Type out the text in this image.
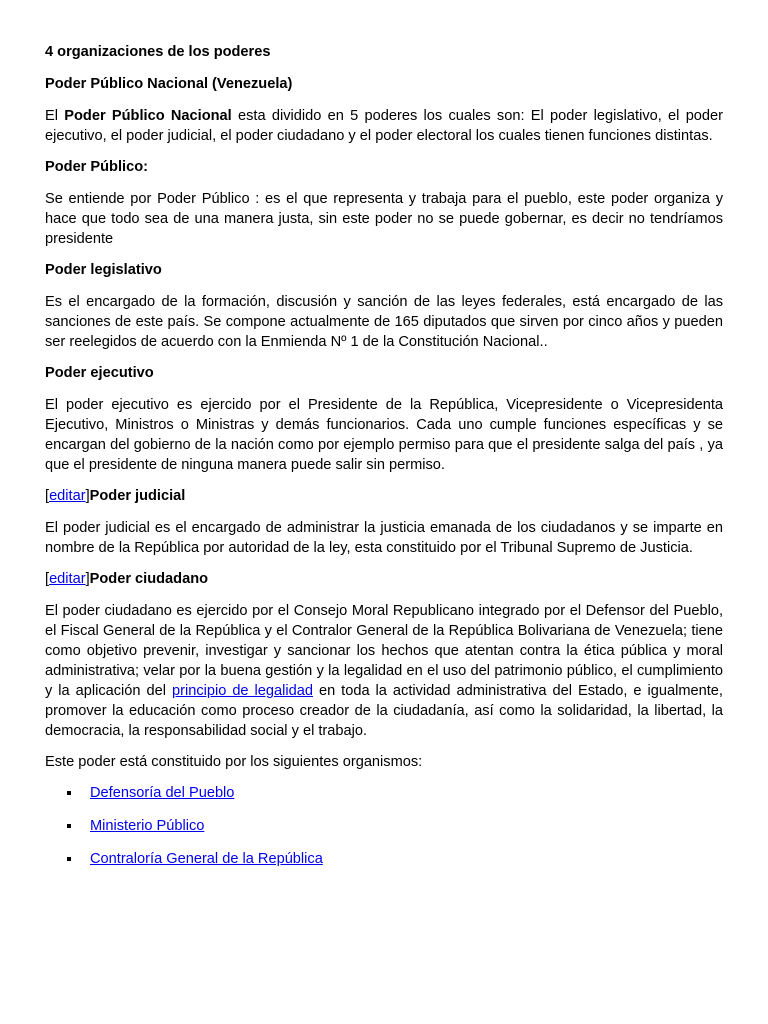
4 organizaciones de los poderes

Poder Público Nacional (Venezuela)

El Poder Público Nacional esta dividido en 5 poderes los cuales son: El poder legislativo, el poder ejecutivo, el poder judicial, el poder ciudadano y el poder electoral los cuales tienen funciones distintas.

Poder Público:

Se entiende por Poder Público : es el que representa y trabaja para el pueblo, este poder organiza y hace que todo sea de una manera justa, sin este poder no se puede gobernar, es decir no tendríamos presidente

Poder legislativo

Es el encargado de la formación, discusión y sanción de las leyes federales, está encargado de las sanciones de este país. Se compone actualmente de 165 diputados que sirven por cinco años y pueden ser reelegidos de acuerdo con la Enmienda Nº 1 de la Constitución Nacional..

Poder ejecutivo

El poder ejecutivo es ejercido por el Presidente de la República, Vicepresidente o Vicepresidenta Ejecutivo, Ministros o Ministras y demás funcionarios. Cada uno cumple funciones específicas y se encargan del gobierno de la nación como por ejemplo permiso para que el presidente salga del país , ya que el presidente de ninguna manera puede salir sin permiso.

[editar]Poder judicial

El poder judicial es el encargado de administrar la justicia emanada de los ciudadanos y se imparte en nombre de la República por autoridad de la ley, esta constituido por el Tribunal Supremo de Justicia.

[editar]Poder ciudadano

El poder ciudadano es ejercido por el Consejo Moral Republicano integrado por el Defensor del Pueblo, el Fiscal General de la República y el Contralor General de la República Bolivariana de Venezuela; tiene como objetivo prevenir, investigar y sancionar los hechos que atentan contra la ética pública y moral administrativa; velar por la buena gestión y la legalidad en el uso del patrimonio público, el cumplimiento y la aplicación del principio de legalidad en toda la actividad administrativa del Estado, e igualmente, promover la educación como proceso creador de la ciudadanía, así como la solidaridad, la libertad, la democracia, la responsabilidad social y el trabajo.

Este poder está constituido por los siguientes organismos:

Defensoría del Pueblo
Ministerio Público
Contraloría General de la República
